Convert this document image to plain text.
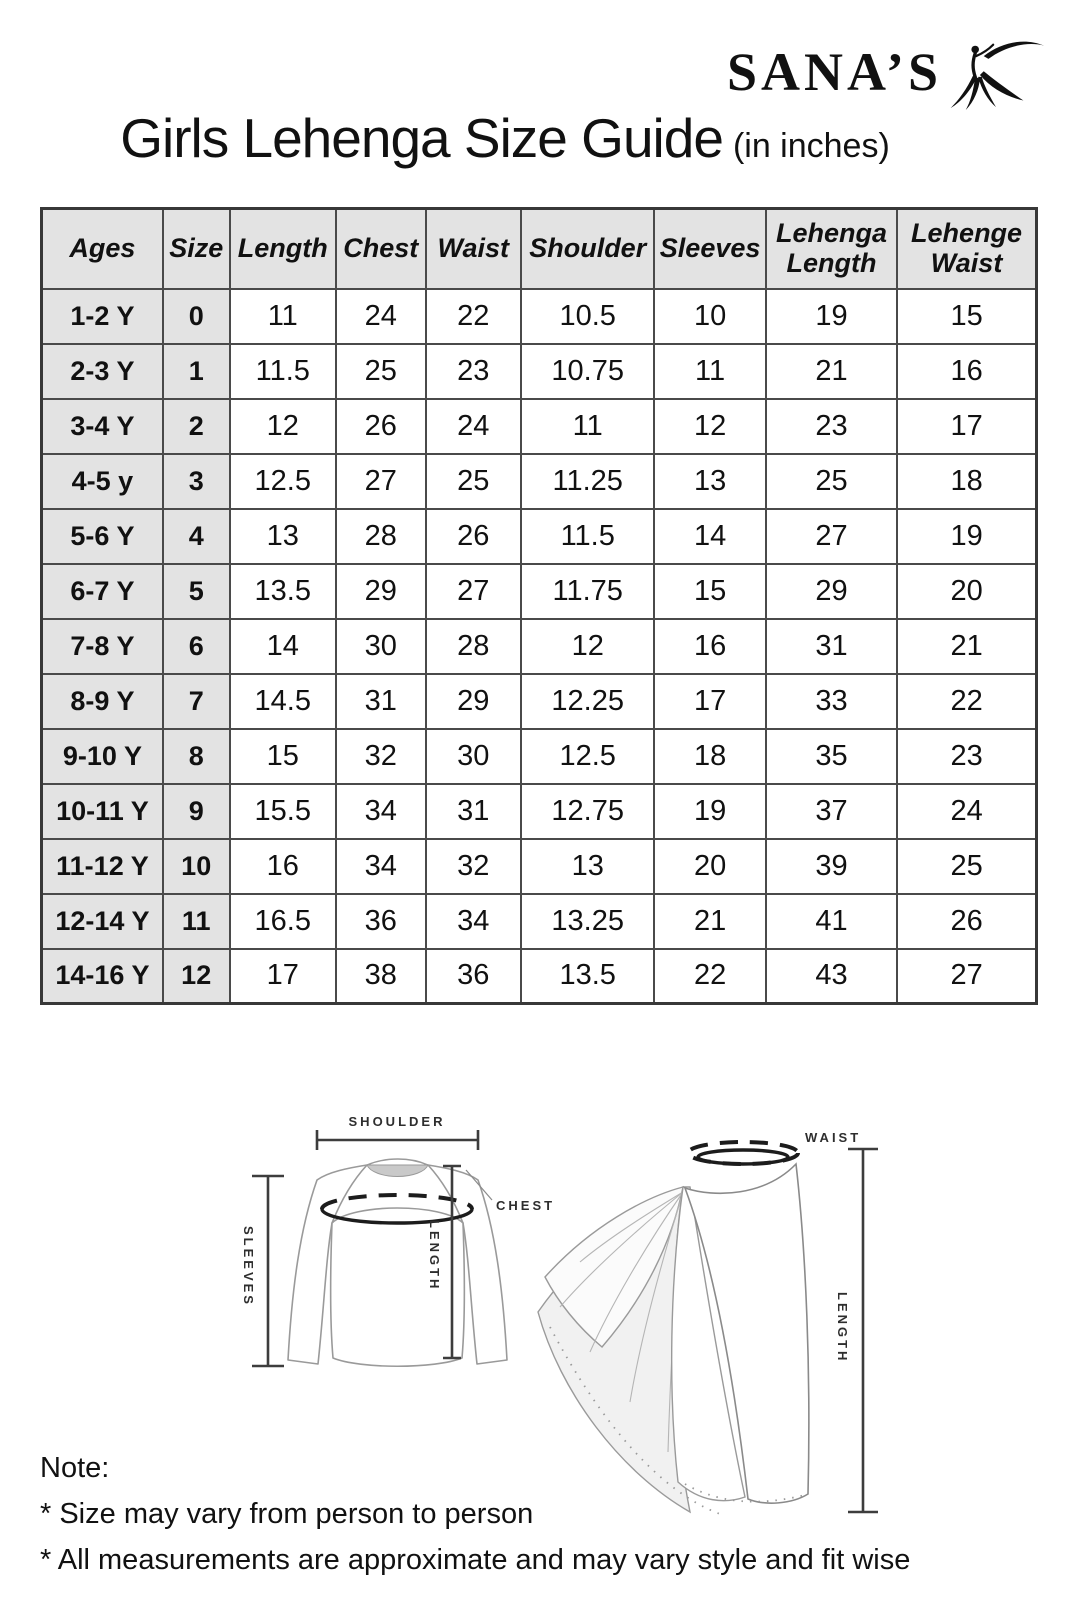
SANA’S
Girls Lehenga Size Guide (in inches)
Ages	Size	Length	Chest	Waist	Shoulder	Sleeves	Lehenga Length	Lehenge Waist
1-2 Y	0	11	24	22	10.5	10	19	15
2-3 Y	1	11.5	25	23	10.75	11	21	16
3-4 Y	2	12	26	24	11	12	23	17
4-5 y	3	12.5	27	25	11.25	13	25	18
5-6 Y	4	13	28	26	11.5	14	27	19
6-7 Y	5	13.5	29	27	11.75	15	29	20
7-8 Y	6	14	30	28	12	16	31	21
8-9 Y	7	14.5	31	29	12.25	17	33	22
9-10 Y	8	15	32	30	12.5	18	35	23
10-11 Y	9	15.5	34	31	12.75	19	37	24
11-12 Y	10	16	34	32	13	20	39	25
12-14 Y	11	16.5	36	34	13.25	21	41	26
14-16 Y	12	17	38	36	13.5	22	43	27
SHOULDER
CHEST
SLEEVES	LENGTH
WAIST
LENGTH
Note:
* Size may vary from person to person
* All measurements are approximate and may vary style and fit wise
